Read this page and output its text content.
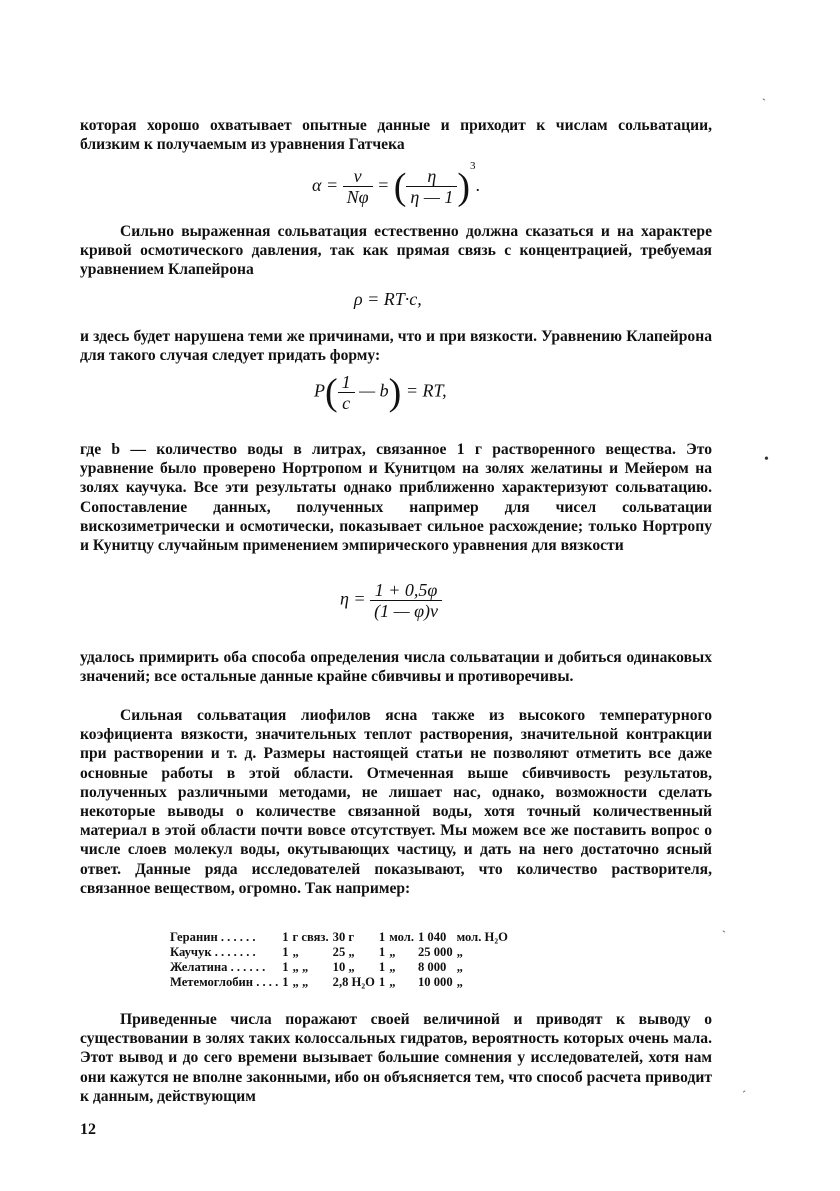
которая хорошо охватывает опытные данные и приходит к числам сольватации, близким к получаемым из уравнения Гатчека

$\alpha = \frac{v}{N\varphi}$ = ( $\frac{\eta}{\eta — 1} )^3$.

Сильно выраженная сольватация естественно должна сказаться и на характере кривой осмотического давления, так как прямая связь с концентрацией, требуемая уравнением Клапейрона

ρ = RT·c,

и здесь будет нарушена теми же причинами, что и при вязкости. Уравнению Клапейрона для такого случая следует придать форму:

$P( \frac{1}{c}$ — b) = RT,

где b — количество воды в литрах, связанное 1 г растворенного вещества. Это уравнение было проверено Нортропом и Кунитцом на золях желатины и Мейером на золях каучука. Все эти результаты однако приближенно характеризуют сольватацию. Сопоставление данных, полученных например для чисел сольватации вискозиметрически и осмотически, показывает сильное расхождение; только Нортропу и Кунитцу случайным применением эмпирического уравнения для вязкости

$\eta = \frac{1 + 0,5\varphi}{(1 — \varphi)v}$

удалось примирить оба способа определения числа сольватации и добиться одинаковых значений; все остальные данные крайне сбивчивы и противоречивы.

Сильная сольватация лиофилов ясна также из высокого температурного коэфициента вязкости, значительных теплот растворения, значительной контракции при растворении и т. д. Размеры настоящей статьи не позволяют отметить все даже основные работы в этой области. Отмеченная выше сбивчивость результатов, полученных различными методами, не лишает нас, однако, возможности сделать некоторые выводы о количестве связанной воды, хотя точный количественный материал в этой области почти вовсе отсутствует. Мы можем все же поставить вопрос о числе слоев молекул воды, окутывающих частицу, и дать на него достаточно ясный ответ. Данные ряда исследователей показывают, что количество растворителя, связанное веществом, огромно. Так например:

Геранин . . . . . .	1	г связ.	30 г	1	мол.	1 040	мол. H₂O
Каучук . . . . . . .	1	„	25 „	1	„	25 000	„
Желатина . . . . . .	1	„ „	10 „	1	„	8 000	„
Метемоглобин . . . .	1	„ „	2,8 H₂O	1	„	10 000	„

Приведенные числа поражают своей величиной и приводят к выводу о существовании в золях таких колоссальных гидратов, вероятность которых очень мала. Этот вывод и до сего времени вызывает большие сомнения у исследователей, хотя нам они кажутся не вполне законными, ибо он объясняется тем, что способ расчета приводит к данным, действующим

12
ˋ
•
ˋ
ˊ
